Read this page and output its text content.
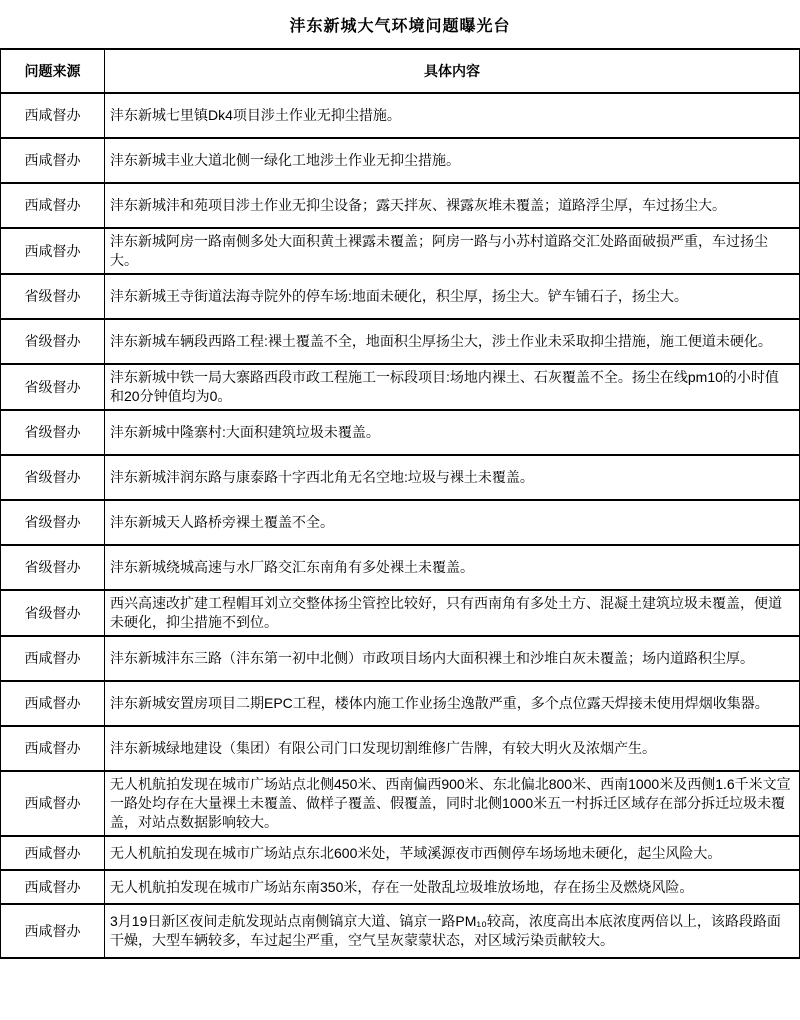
沣东新城大气环境问题曝光台
问题来源	具体内容
西咸督办	沣东新城七里镇Dk4项目涉土作业无抑尘措施。
西咸督办	沣东新城丰业大道北侧一绿化工地涉土作业无抑尘措施。
西咸督办	沣东新城沣和苑项目涉土作业无抑尘设备；露天拌灰、裸露灰堆未覆盖；道路浮尘厚，车过扬尘大。
西咸督办	沣东新城阿房一路南侧多处大面积黄土裸露未覆盖；阿房一路与小苏村道路交汇处路面破损严重，车过扬尘大。
省级督办	沣东新城王寺街道法海寺院外的停车场:地面未硬化，积尘厚，扬尘大。铲车铺石子，扬尘大。
省级督办	沣东新城车辆段西路工程:裸土覆盖不全，地面积尘厚扬尘大，涉土作业未采取抑尘措施，施工便道未硬化。
省级督办	沣东新城中铁一局大寨路西段市政工程施工一标段项目:场地内裸土、石灰覆盖不全。扬尘在线pm10的小时值和20分钟值均为0。
省级督办	沣东新城中隆寨村:大面积建筑垃圾未覆盖。
省级督办	沣东新城沣润东路与康泰路十字西北角无名空地:垃圾与裸土未覆盖。
省级督办	沣东新城天人路桥旁裸土覆盖不全。
省级督办	沣东新城绕城高速与水厂路交汇东南角有多处裸土未覆盖。
省级督办	西兴高速改扩建工程帽耳刘立交整体扬尘管控比较好，只有西南角有多处土方、混凝土建筑垃圾未覆盖，便道未硬化，抑尘措施不到位。
西咸督办	沣东新城沣东三路（沣东第一初中北侧）市政项目场内大面积裸土和沙堆白灰未覆盖；场内道路积尘厚。
西咸督办	沣东新城安置房项目二期EPC工程，楼体内施工作业扬尘逸散严重，多个点位露天焊接未使用焊烟收集器。
西咸督办	沣东新城绿地建设（集团）有限公司门口发现切割维修广告牌，有较大明火及浓烟产生。
西咸督办	无人机航拍发现在城市广场站点北侧450米、西南偏西900米、东北偏北800米、西南1000米及西侧1.6千米文宣一路处均存在大量裸土未覆盖、做样子覆盖、假覆盖，同时北侧1000米五一村拆迁区域存在部分拆迁垃圾未覆盖，对站点数据影响较大。
西咸督办	无人机航拍发现在城市广场站点东北600米处，芊域溪源夜市西侧停车场场地未硬化，起尘风险大。
西咸督办	无人机航拍发现在城市广场站东南350米，存在一处散乱垃圾堆放场地，存在扬尘及燃烧风险。
西咸督办	3月19日新区夜间走航发现站点南侧镐京大道、镐京一路PM₁₀较高，浓度高出本底浓度两倍以上，该路段路面干燥，大型车辆较多，车过起尘严重，空气呈灰蒙蒙状态，对区域污染贡献较大。
